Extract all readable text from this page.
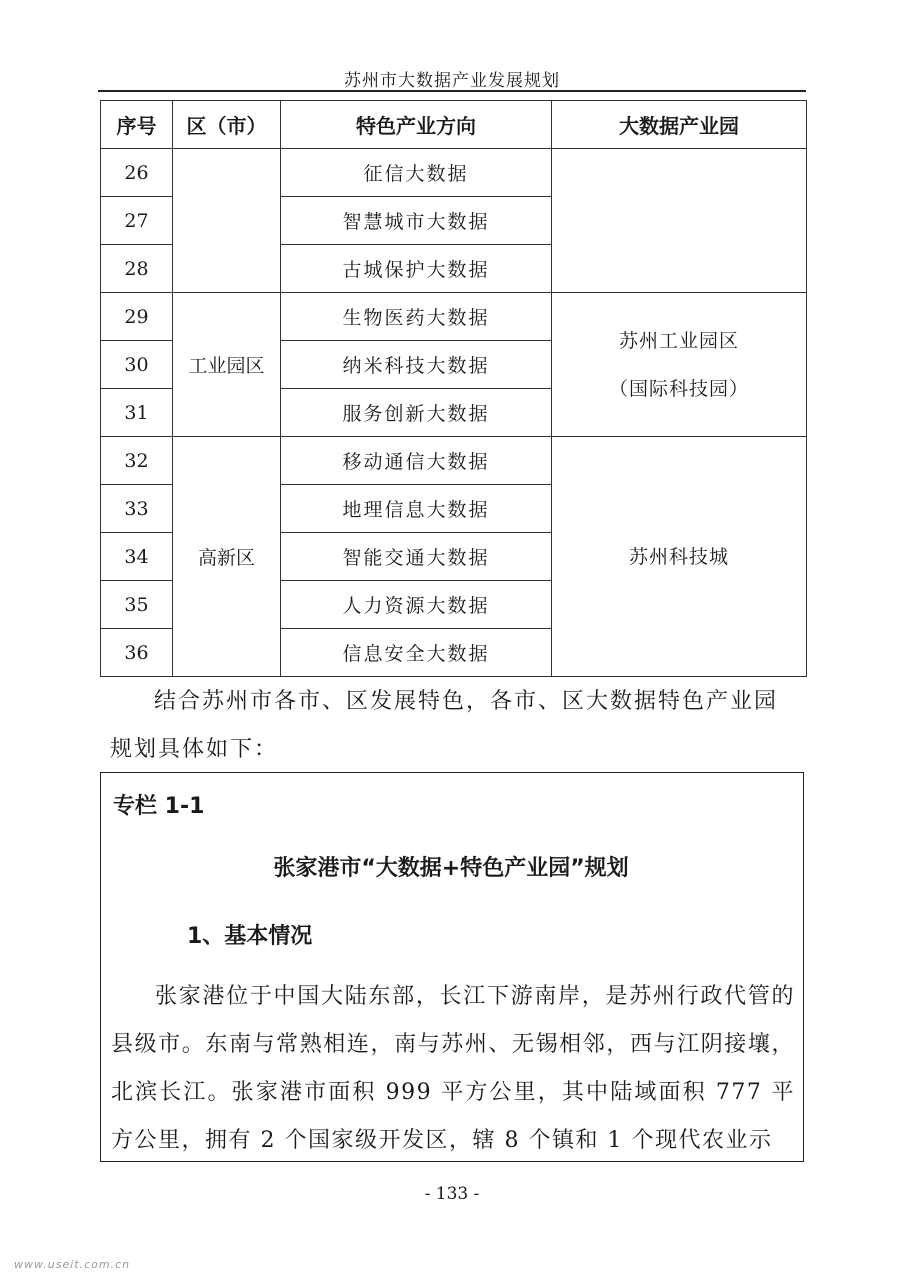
苏州市大数据产业发展规划
序号	区（市）	特色产业方向	大数据产业园
26		征信大数据	
27		智慧城市大数据	
28		古城保护大数据	
29	工业园区	生物医药大数据	苏州工业园区
（国际科技园）

30		纳米科技大数据	
31		服务创新大数据	
32	高新区	移动通信大数据	苏州科技城

33		地理信息大数据	
34		智能交通大数据	
35		人力资源大数据	
36		信息安全大数据	
结合苏州市各市、区发展特色，各市、区大数据特色产业园规划具体如下：
专栏 1-1
张家港市“大数据+特色产业园”规划
1、基本情况
张家港位于中国大陆东部，长江下游南岸，是苏州行政代管的县级市。东南与常熟相连，南与苏州、无锡相邻，西与江阴接壤，北滨长江。张家港市面积 999 平方公里，其中陆域面积 777 平方公里，拥有 2 个国家级开发区，辖 8 个镇和 1 个现代农业示
- 133 -
www.useit.com.cn
